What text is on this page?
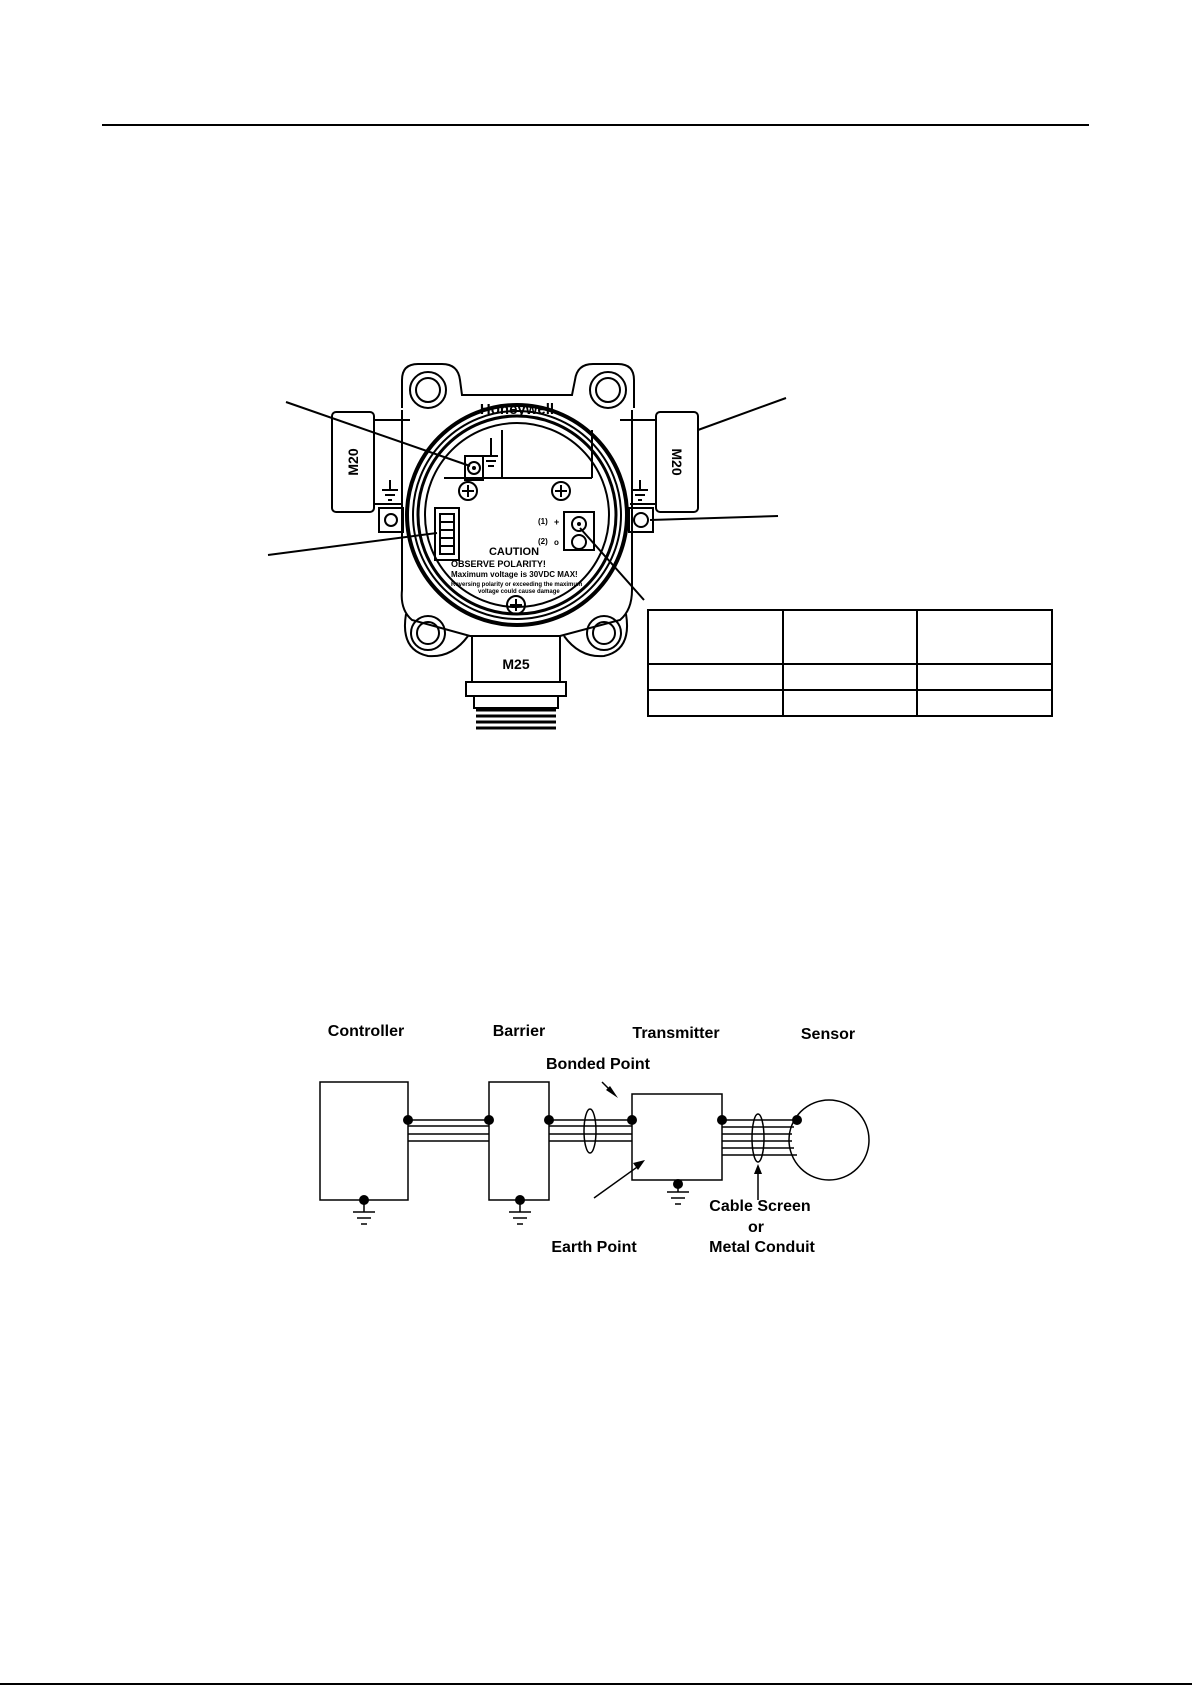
Honeywell
M20	M20
M25
(1) +
(2) o
CAUTION
OBSERVE POLARITY!
Maximum voltage is 30VDC MAX!
Reversing polarity or exceeding the maximum
voltage could cause damage

Controller	Barrier	Transmitter	Sensor
Bonded Point
Earth Point
Cable Screen
or
Metal Conduit
